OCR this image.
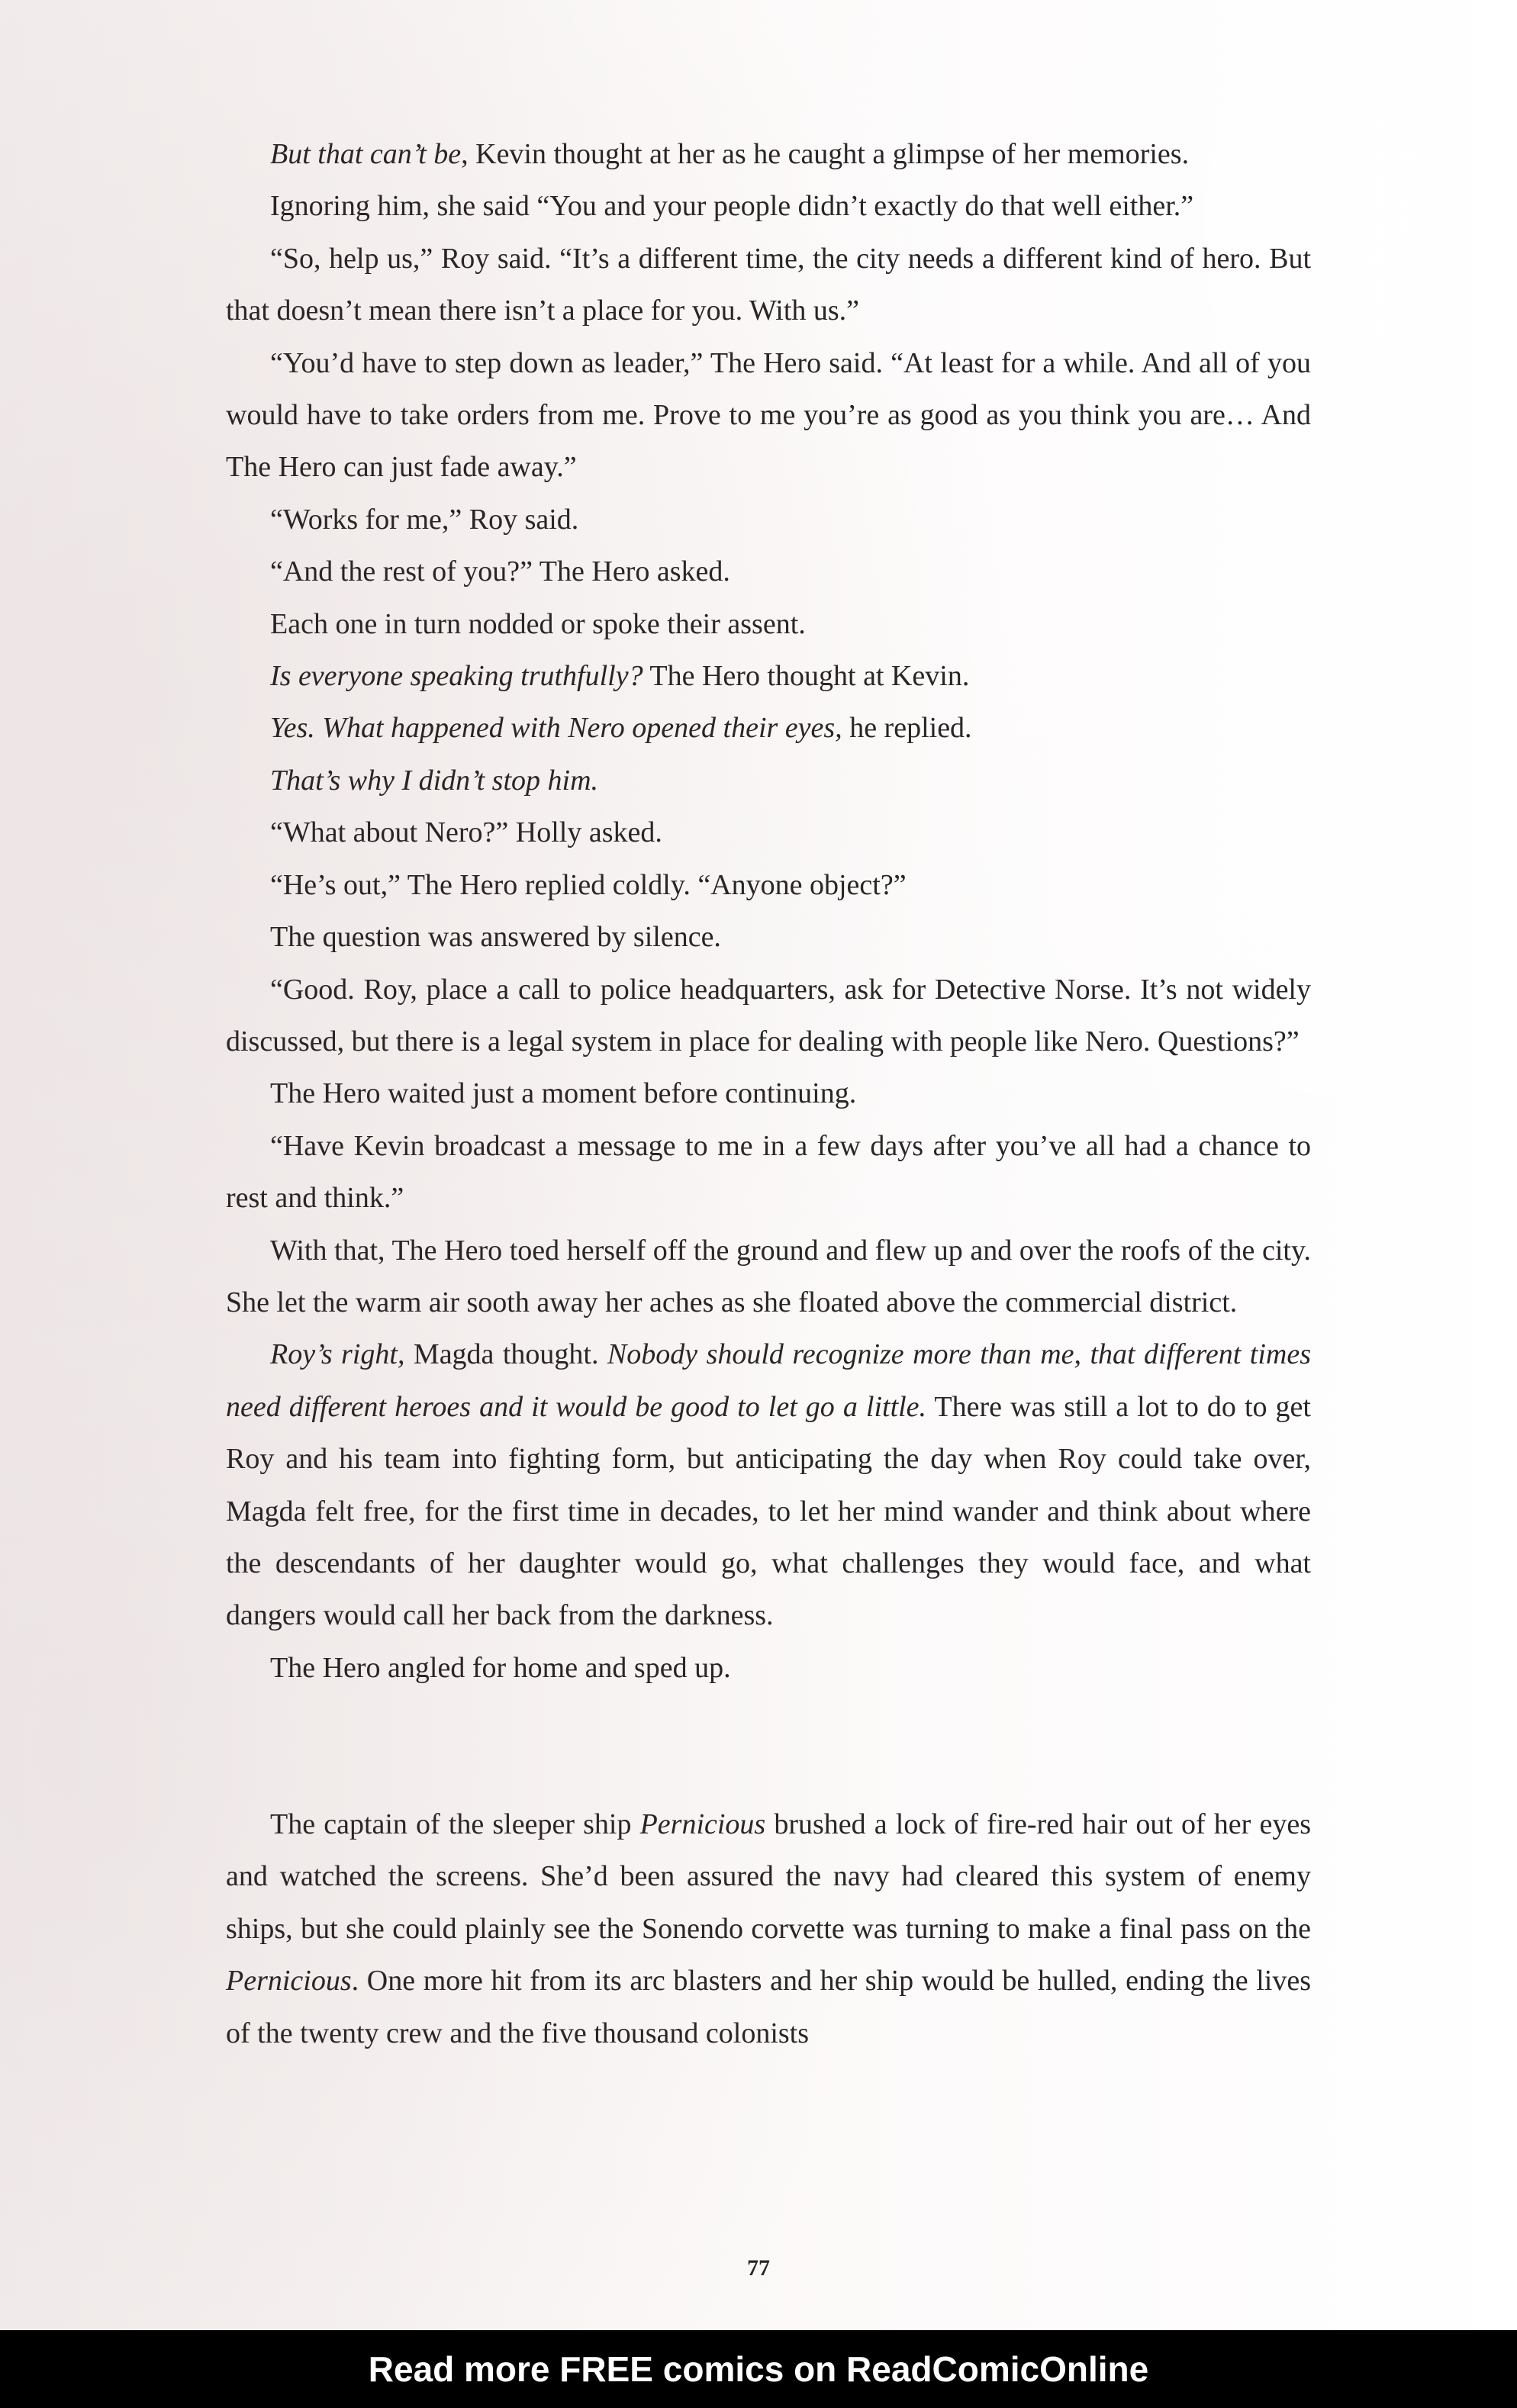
But that can’t be, Kevin thought at her as he caught a glimpse of her memories.

Ignoring him, she said “You and your people didn’t exactly do that well either.”

“So, help us,” Roy said. “It’s a different time, the city needs a different kind of hero. But that doesn’t mean there isn’t a place for you. With us.”

“You’d have to step down as leader,” The Hero said. “At least for a while. And all of you would have to take orders from me. Prove to me you’re as good as you think you are… And The Hero can just fade away.”

“Works for me,” Roy said.

“And the rest of you?” The Hero asked.

Each one in turn nodded or spoke their assent.

Is everyone speaking truthfully? The Hero thought at Kevin.

Yes. What happened with Nero opened their eyes, he replied.

That’s why I didn’t stop him.

“What about Nero?” Holly asked.

“He’s out,” The Hero replied coldly. “Anyone object?”

The question was answered by silence.

“Good. Roy, place a call to police headquarters, ask for Detective Norse. It’s not widely discussed, but there is a legal system in place for dealing with people like Nero. Questions?”

The Hero waited just a moment before continuing.

“Have Kevin broadcast a message to me in a few days after you’ve all had a chance to rest and think.”

With that, The Hero toed herself off the ground and flew up and over the roofs of the city. She let the warm air sooth away her aches as she floated above the commercial district.

Roy’s right, Magda thought. Nobody should recognize more than me, that different times need different heroes and it would be good to let go a little. There was still a lot to do to get Roy and his team into fighting form, but anticipating the day when Roy could take over, Magda felt free, for the first time in decades, to let her mind wander and think about where the descendants of her daughter would go, what challenges they would face, and what dangers would call her back from the darkness.

The Hero angled for home and sped up.

The captain of the sleeper ship Pernicious brushed a lock of fire-red hair out of her eyes and watched the screens. She’d been assured the navy had cleared this system of enemy ships, but she could plainly see the Sonendo corvette was turning to make a final pass on the Pernicious. One more hit from its arc blasters and her ship would be hulled, ending the lives of the twenty crew and the five thousand colonists

77
Read more FREE comics on ReadComicOnline
